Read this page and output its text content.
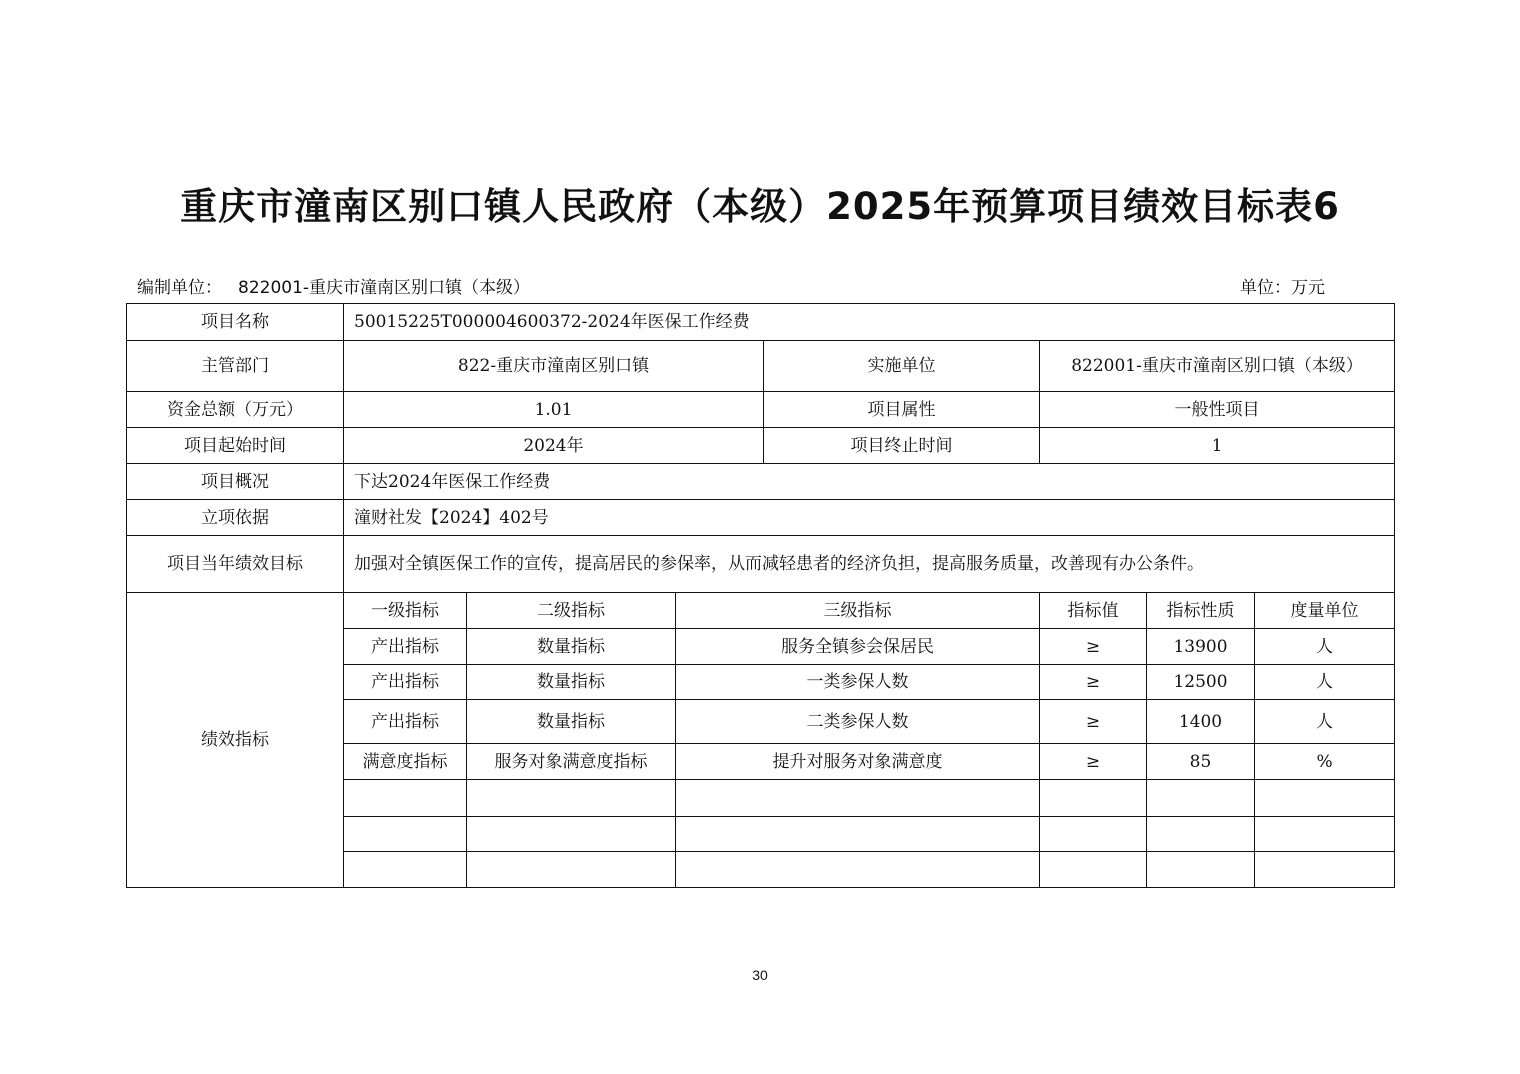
重庆市潼南区别口镇人民政府（本级）2025年预算项目绩效目标表6
编制单位： 822001-重庆市潼南区别口镇（本级）	单位：万元
项目名称	50015225T000004600372-2024年医保工作经费						
主管部门	822-重庆市潼南区别口镇			实施单位	822001-重庆市潼南区别口镇（本级）		
资金总额（万元）	1.01			项目属性	一般性项目		
项目起始时间	2024年			项目终止时间	1		
项目概况	下达2024年医保工作经费						
立项依据	潼财社发【2024】402号						
项目当年绩效目标	加强对全镇医保工作的宣传，提高居民的参保率，从而减轻患者的经济负担，提高服务质量，改善现有办公条件。						
绩效指标	一级指标	二级指标	三级指标		指标值	指标性质	度量单位
	产出指标	数量指标	服务全镇参会保居民		≥	13900	人
	产出指标	数量指标	一类参保人数		≥	12500	人
	产出指标	数量指标	二类参保人数		≥	1400	人
	满意度指标	服务对象满意度指标	提升对服务对象满意度		≥	85	%

30
